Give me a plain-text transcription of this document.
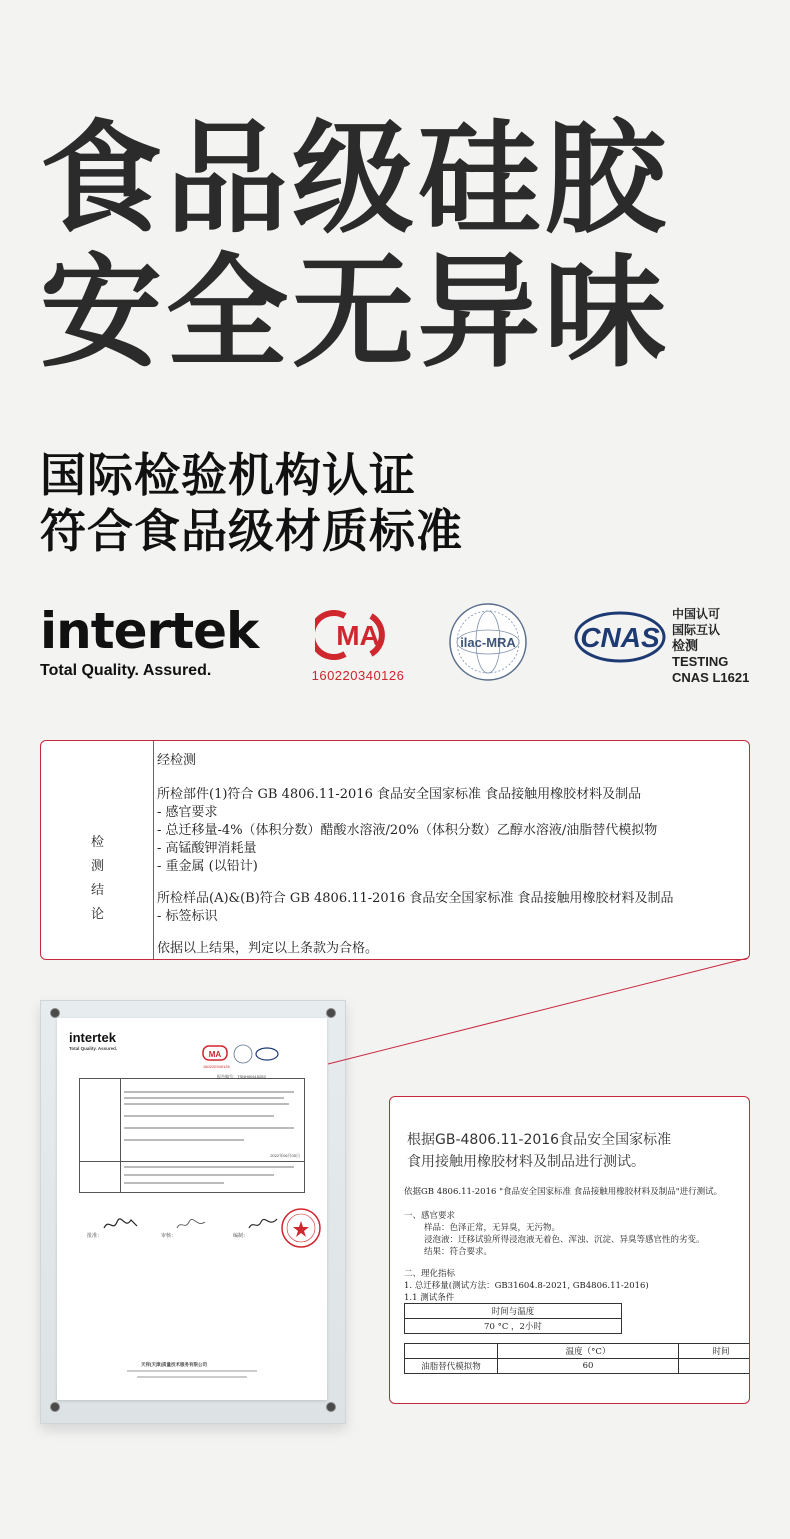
食品级硅胶
安全无异味
国际检验机构认证
符合食品级材质标准
intertek
Total Quality. Assured.
MA
160220340126
ilac-MRA CNAS
中国认可
国际互认
检测
TESTING
CNAS L1621
检
测
结
论
经检测
所检部件(1)符合 GB 4806.11-2016 食品安全国家标准 食品接触用橡胶材料及制品
- 感官要求
- 总迁移量-4%（体积分数）醋酸水溶液/20%（体积分数）乙醇水溶液/油脂替代模拟物
- 高锰酸钾消耗量
- 重金属 (以铅计)
所检样品(A)&(B)符合 GB 4806.11-2016 食品安全国家标准 食品接触用橡胶材料及制品
- 标签标识
依据以上结果，判定以上条款为合格。
intertek
Total Quality. Assured.
MA
160220340126
报告编号：TSNH00415253
2022年06月05日
批准：	审核：	编制：
天祥(天津)质量技术服务有限公司
根据GB-4806.11-2016食品安全国家标准
食用接触用橡胶材料及制品进行测试。
依据GB 4806.11-2016 "食品安全国家标准 食品接触用橡胶材料及制品"进行测试。
一、感官要求
样品：色泽正常，无异臭，无污物。
浸泡液：迁移试验所得浸泡液无着色、浑浊、沉淀、异臭等感官性的劣变。
结果：符合要求。
二、理化指标
1. 总迁移量(测试方法：GB31604.8-2021, GB4806.11-2016)
1.1 测试条件
时间与温度
70 °C ，2小时
	温度（°C）	时间
油脂替代模拟物	60	
